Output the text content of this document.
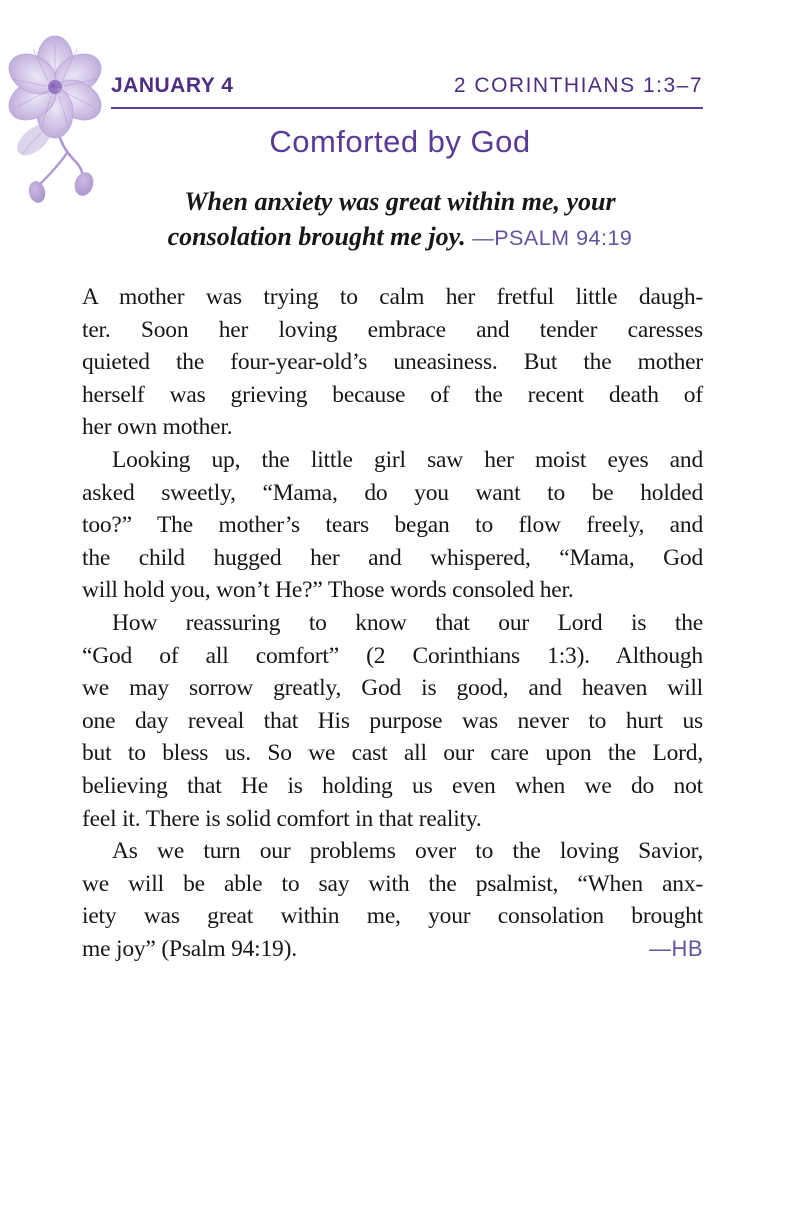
JANUARY 4	2 CORINTHIANS 1:3–7
Comforted by God
When anxiety was great within me, your
consolation brought me joy. —PSALM 94:19
A mother was trying to calm her fretful little daugh-
ter. Soon her loving embrace and tender caresses
quieted the four-year-old’s uneasiness. But the mother
herself was grieving because of the recent death of
her own mother.
Looking up, the little girl saw her moist eyes and
asked sweetly, “Mama, do you want to be holded
too?” The mother’s tears began to flow freely, and
the child hugged her and whispered, “Mama, God
will hold you, won’t He?” Those words consoled her.
How reassuring to know that our Lord is the
“God of all comfort” (2 Corinthians 1:3). Although
we may sorrow greatly, God is good, and heaven will
one day reveal that His purpose was never to hurt us
but to bless us. So we cast all our care upon the Lord,
believing that He is holding us even when we do not
feel it. There is solid comfort in that reality.
As we turn our problems over to the loving Savior,
we will be able to say with the psalmist, “When anx-
iety was great within me, your consolation brought
me joy” (Psalm 94:19).	—HB
